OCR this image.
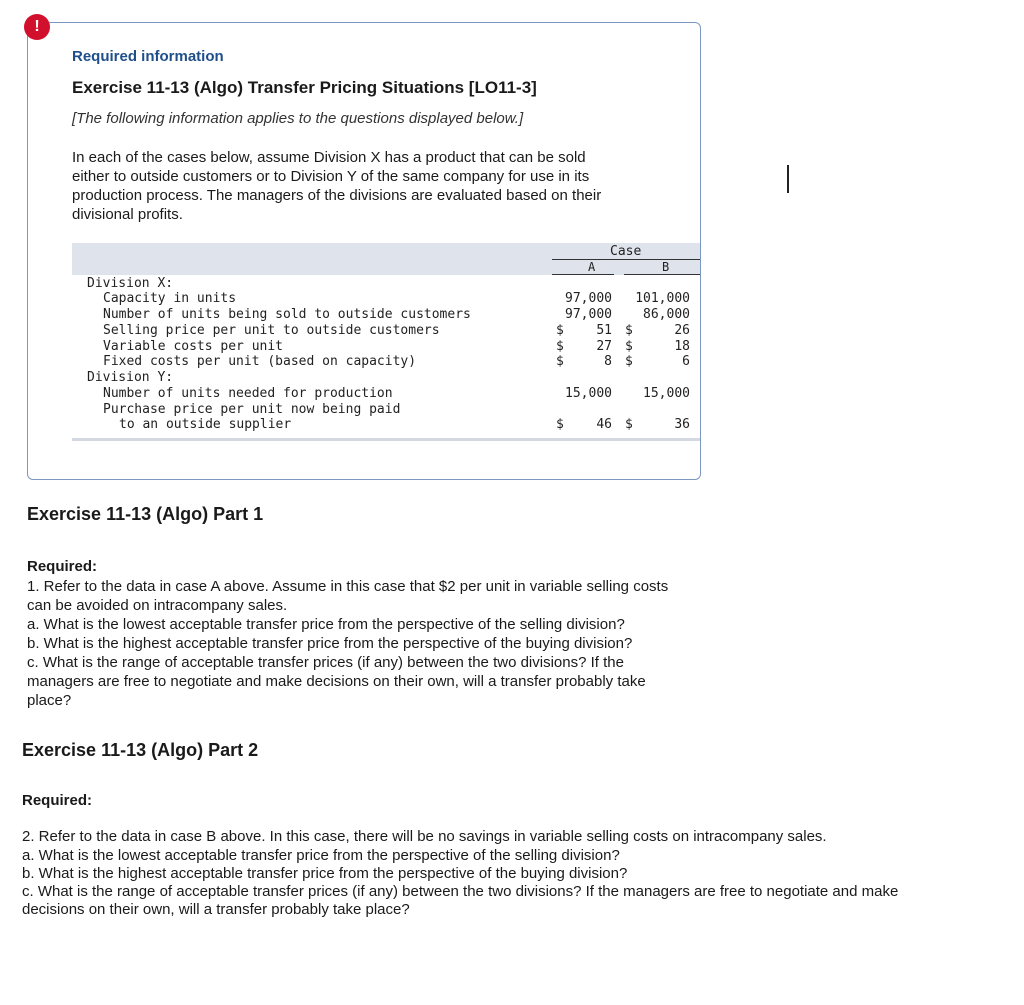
!

Required information

Exercise 11-13 (Algo) Transfer Pricing Situations [LO11-3]

[The following information applies to the questions displayed below.]

In each of the cases below, assume Division X has a product that can be sold
either to outside customers or to Division Y of the same company for use in its
production process. The managers of the divisions are evaluated based on their
divisional profits.
Case
A	B
Division X:
Capacity in units	97,000 101,000
Number of units being sold to outside customers	97,000 86,000
Selling price per unit to outside customers	$	51 $	26
Variable costs per unit	$	27 $	18
Fixed costs per unit (based on capacity)	$	8 $	6
Division Y:
Number of units needed for production	15,000 15,000
Purchase price per unit now being paid
to an outside supplier	$	46 $	36

Exercise 11-13 (Algo) Part 1

Required:

1. Refer to the data in case A above. Assume in this case that $2 per unit in variable selling costs

can be avoided on intracompany sales.

a. What is the lowest acceptable transfer price from the perspective of the selling division?

b. What is the highest acceptable transfer price from the perspective of the buying division?

c. What is the range of acceptable transfer prices (if any) between the two divisions? If the

managers are free to negotiate and make decisions on their own, will a transfer probably take

place?

Exercise 11-13 (Algo) Part 2

Required:

2. Refer to the data in case B above. In this case, there will be no savings in variable selling costs on intracompany sales.

a. What is the lowest acceptable transfer price from the perspective of the selling division?

b. What is the highest acceptable transfer price from the perspective of the buying division?

c. What is the range of acceptable transfer prices (if any) between the two divisions? If the managers are free to negotiate and make

decisions on their own, will a transfer probably take place?
